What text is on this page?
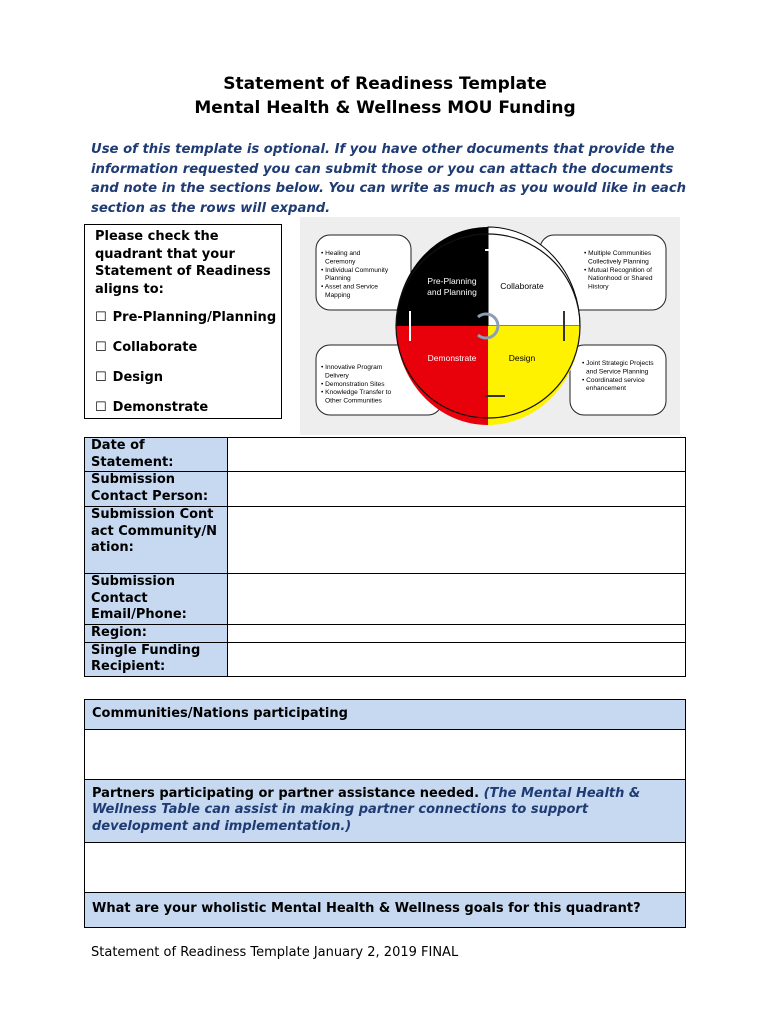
Statement of Readiness Template
Mental Health & Wellness MOU Funding

Use of this template is optional. If you have other documents that provide the information requested you can submit those or you can attach the documents and note in the sections below. You can write as much as you would like in each section as the rows will expand.

Please check the quadrant that your Statement of Readiness aligns to:
☐ Pre-Planning/Planning
☐ Collaborate
☐ Design
☐ Demonstrate
Pre-Planning and Planning
Collaborate
Demonstrate	Design
• Healing and Ceremony • Individual Community Planning • Asset and Service Mapping
• Multiple Communities Collectively Planning • Mutual Recognition of Nationhood or Shared History
• Innovative Program Delivery • Demonstration Sites • Knowledge Transfer to Other Communities
• Joint Strategic Projects and Service Planning • Coordinated service enhancement
Date of Statement:	
Submission Contact Person:	
Submission Contact Community/Nation:	
Submission Contact Email/Phone:	
Region:	
Single Funding Recipient:	
Communities/Nations participating

Partners participating or partner assistance needed. (The Mental Health & Wellness Table can assist in making partner connections to support development and implementation.)

What are your wholistic Mental Health & Wellness goals for this quadrant?
Statement of Readiness Template January 2, 2019 FINAL
